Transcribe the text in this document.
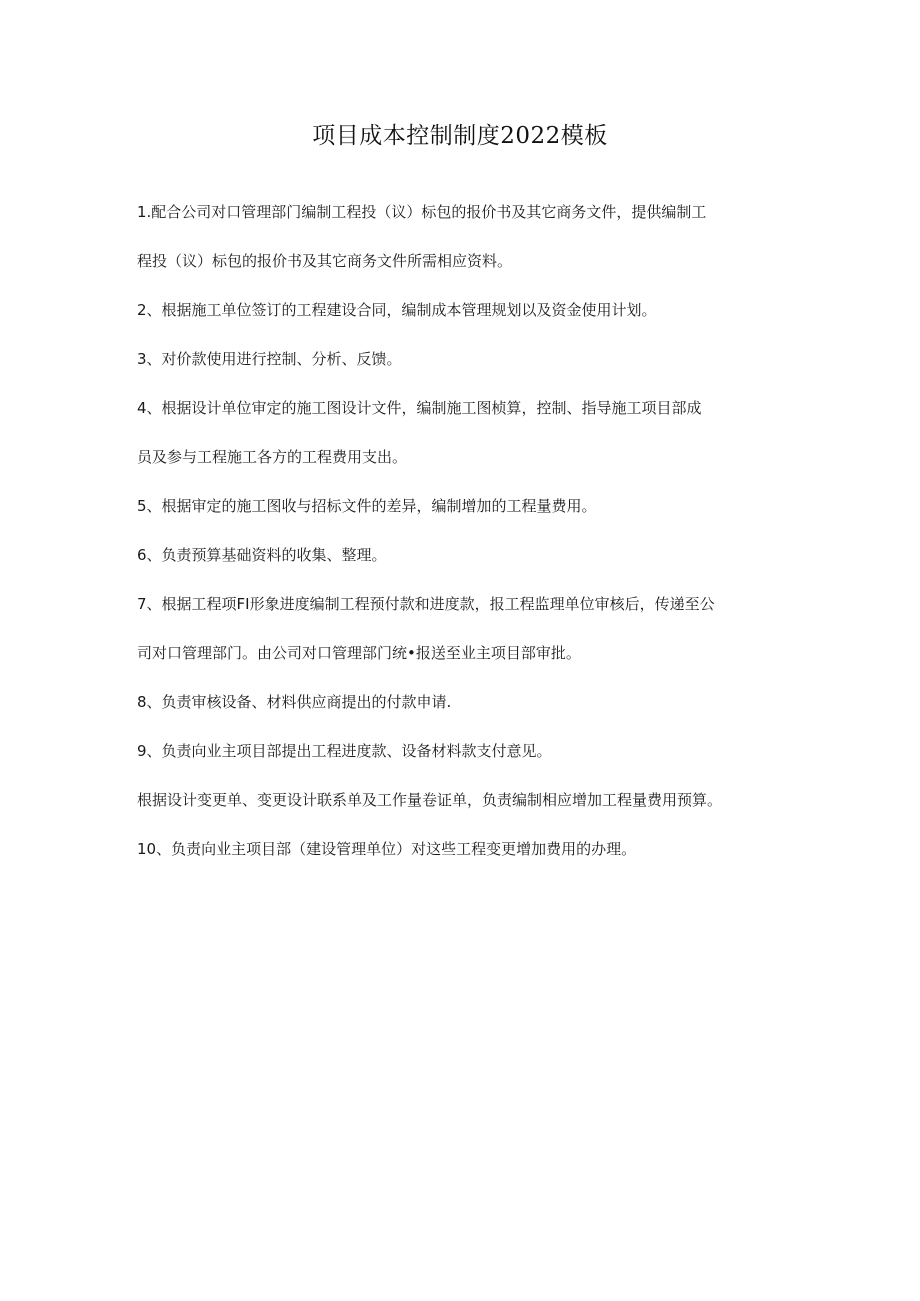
项目成本控制制度2022模板

1.配合公司对口管理部门编制工程投（议）标包的报价书及其它商务文件，提供编制工
程投（议）标包的报价书及其它商务文件所需相应资料。

2、根据施工单位签订的工程建设合同，编制成本管理规划以及资金使用计划。

3、对价款使用进行控制、分析、反馈。

4、根据设计单位审定的施工图设计文件，编制施工图桢算，控制、指导施工项目部成
员及参与工程施工各方的工程费用支出。

5、根据审定的施工图收与招标文件的差异，编制增加的工程量费用。

6、负责预算基础资料的收集、整理。

7、根据工程项FI形象进度编制工程预付款和进度款，报工程监理单位审核后，传递至公
司对口管理部门。由公司对口管理部门统•报送至业主项目部审批。

8、负责审核设备、材料供应商提出的付款申请.

9、负责向业主项目部提出工程进度款、设备材料款支付意见。

根据设计变更单、变更设计联系单及工作量卷证单，负责编制相应增加工程量费用预算。

10、负责向业主项目部（建设管理单位）对这些工程变更增加费用的办理。
